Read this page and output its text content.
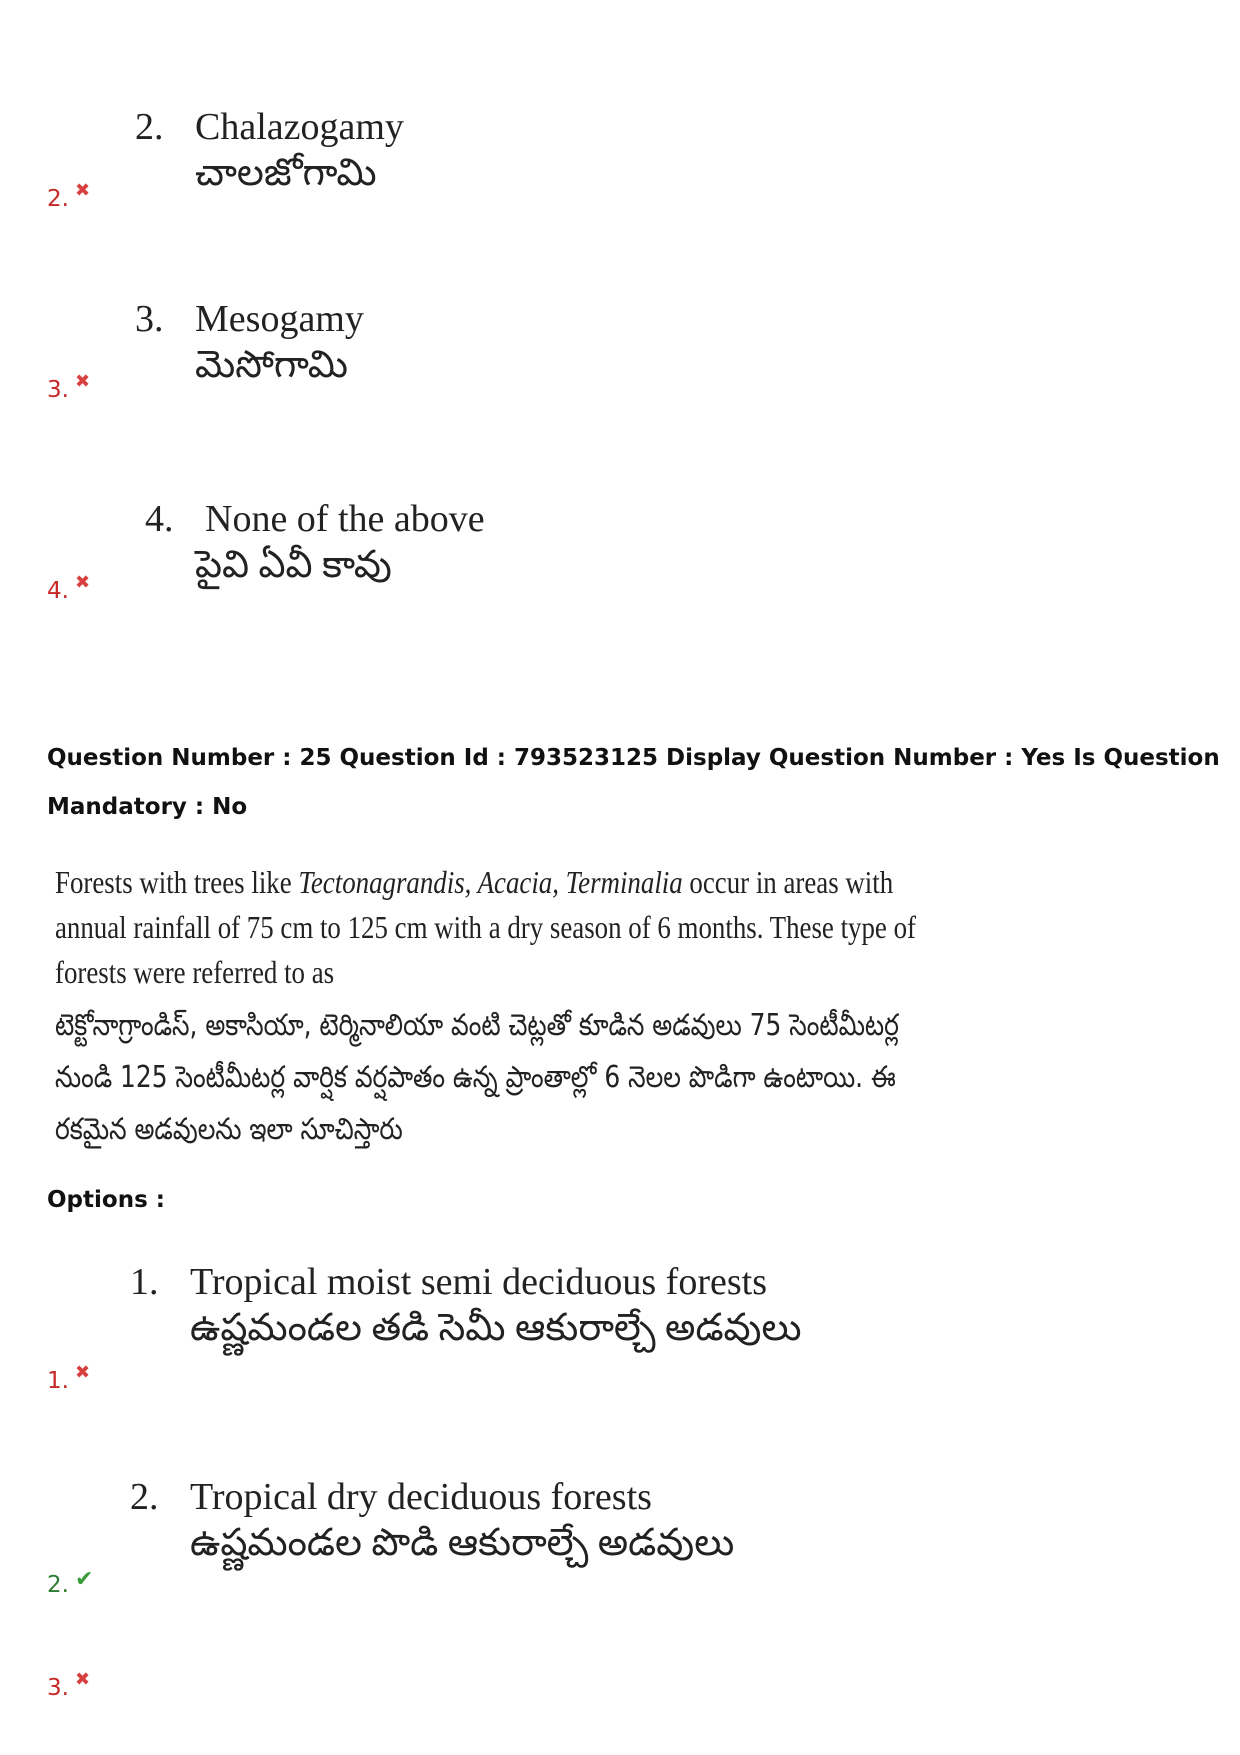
2. Chalazogamy
చాలజోగామి
2. ✖
3. Mesogamy
మెసోగామి
3. ✖
4. None of the above
పైవి ఏవీ కావు
4. ✖
Question Number : 25 Question Id : 793523125 Display Question Number : Yes Is Question
Mandatory : No
Forests with trees like Tectonagrandis, Acacia, Terminalia occur in areas with annual rainfall of 75 cm to 125 cm with a dry season of 6 months. These type of forests were referred to as
టెక్టోనాగ్రాండిస్, అకాసియా, టెర్మినాలియా వంటి చెట్లతో కూడిన అడవులు 75 సెంటీమీటర్ల నుండి 125 సెంటీమీటర్ల వార్షిక వర్షపాతం ఉన్న ప్రాంతాల్లో 6 నెలల పొడిగా ఉంటాయి. ఈ రకమైన అడవులను ఇలా సూచిస్తారు
Options :
1. Tropical moist semi deciduous forests
ఉష్ణమండల తడి సెమీ ఆకురాల్చే అడవులు
1. ✖
2. Tropical dry deciduous forests
ఉష్ణమండల పొడి ఆకురాల్చే అడవులు
2. ✔
3. ✖
